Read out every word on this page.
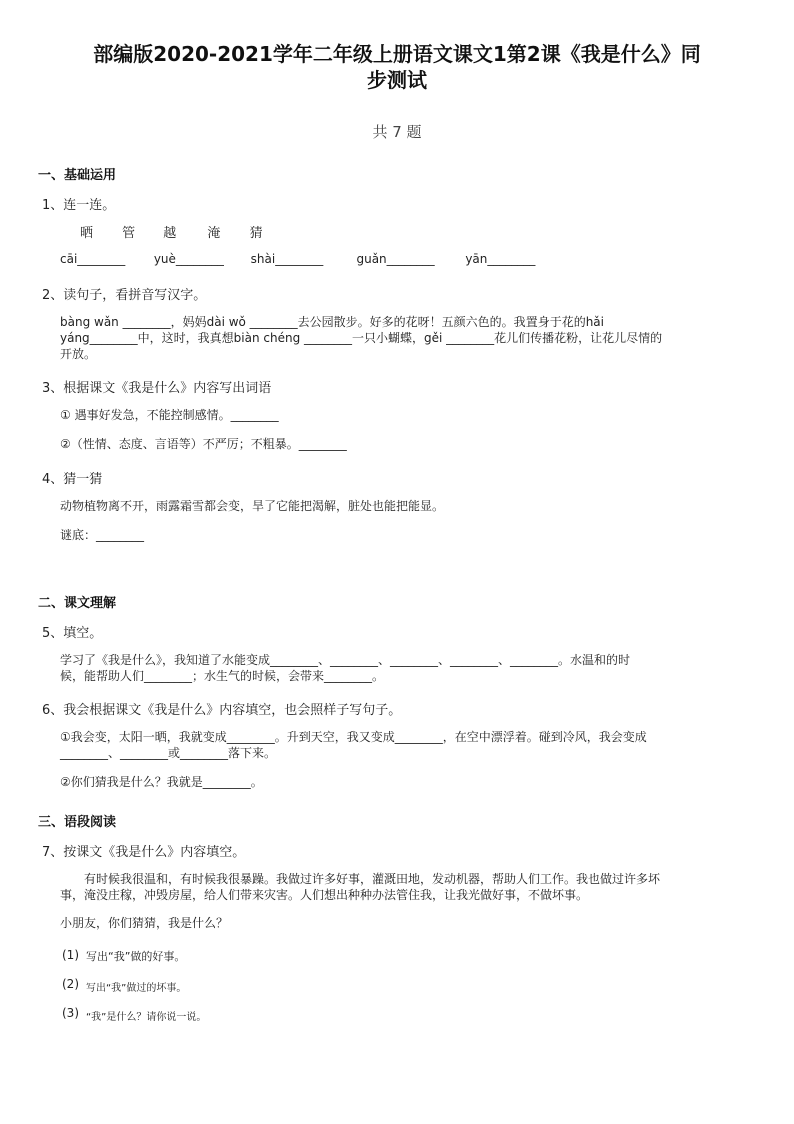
部编版2020-2021学年二年级上册语文课文1第2课《我是什么》同
步测试
共 7 题
一、基础运用
1、连一连。
晒 管 越 淹 猜
cāi________ yuè________ shài________	guǎn________	yān________
2、读句子，看拼音写汉字。
bàng wǎn ________，妈妈dài wǒ ________去公园散步。好多的花呀！五颜六色的。我置身于花的hǎi
yáng________中，这时，我真想biàn chéng ________一只小蝴蝶，gěi ________花儿们传播花粉，让花儿尽情的
开放。
3、根据课文《我是什么》内容写出词语
① 遇事好发急，不能控制感情。________
②（性情、态度、言语等）不严厉；不粗暴。________
4、猜一猜
动物植物离不开，雨露霜雪都会变，旱了它能把渴解，脏处也能把能显。
谜底：________
二、课文理解
5、填空。
学习了《我是什么》，我知道了水能变成________、________、________、________、________。水温和的时
候，能帮助人们________；水生气的时候，会带来________。
6、我会根据课文《我是什么》内容填空，也会照样子写句子。
①我会变，太阳一晒，我就变成________。升到天空，我又变成________，在空中漂浮着。碰到冷风，我会变成
________、________或________落下来。
②你们猜我是什么？我就是________。
三、语段阅读
7、按课文《我是什么》内容填空。
有时候我很温和，有时候我很暴躁。我做过许多好事，灌溉田地，发动机器，帮助人们工作。我也做过许多坏
事，淹没庄稼，冲毁房屋，给人们带来灾害。人们想出种种办法管住我，让我光做好事，不做坏事。
小朋友，你们猜猜，我是什么？
(1) 写出“我”做的好事。
(2) 写出“我”做过的坏事。
(3) “我”是什么？请你说一说。
